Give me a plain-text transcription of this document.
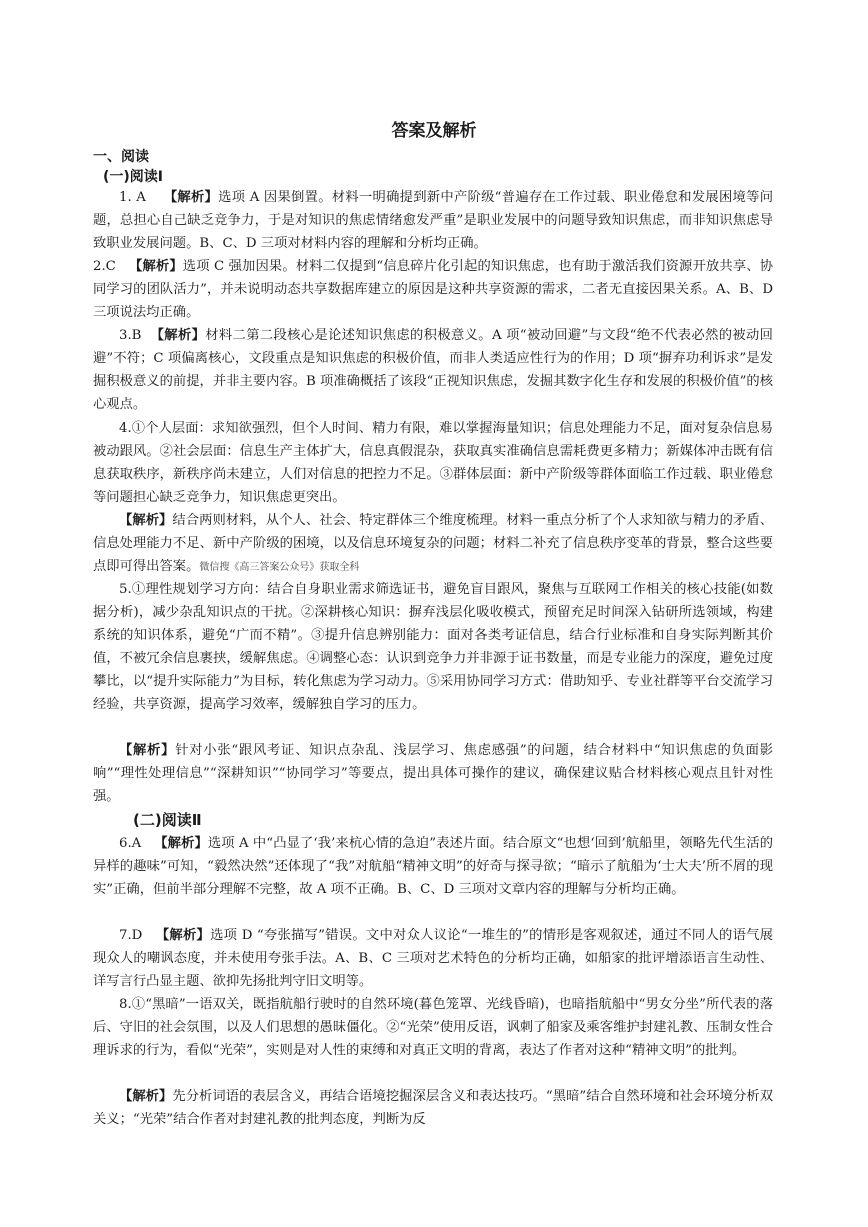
答案及解析
一、阅读
(一)阅读Ⅰ

1. A 【解析】选项 A 因果倒置。材料一明确提到新中产阶级“普遍存在工作过载、职业倦怠和发展困境等问题，总担心自己缺乏竞争力，于是对知识的焦虑情绪愈发严重”是职业发展中的问题导致知识焦虑，而非知识焦虑导致职业发展问题。B、C、D 三项对材料内容的理解和分析均正确。

2.C 【解析】选项 C 强加因果。材料二仅提到“信息碎片化引起的知识焦虑，也有助于激活我们资源开放共享、协同学习的团队活力”，并未说明动态共享数据库建立的原因是这种共享资源的需求，二者无直接因果关系。A、B、D 三项说法均正确。

3.B 【解析】材料二第二段核心是论述知识焦虑的积极意义。A 项“被动回避”与文段“绝不代表必然的被动回避”不符；C 项偏离核心，文段重点是知识焦虑的积极价值，而非人类适应性行为的作用；D 项“摒弃功利诉求”是发掘积极意义的前提，并非主要内容。B 项准确概括了该段“正视知识焦虑，发掘其数字化生存和发展的积极价值”的核心观点。

4.①个人层面：求知欲强烈，但个人时间、精力有限，难以掌握海量知识；信息处理能力不足，面对复杂信息易被动跟风。②社会层面：信息生产主体扩大，信息真假混杂，获取真实准确信息需耗费更多精力；新媒体冲击既有信息获取秩序，新秩序尚未建立，人们对信息的把控力不足。③群体层面：新中产阶级等群体面临工作过载、职业倦怠等问题担心缺乏竞争力，知识焦虑更突出。

【解析】结合两则材料，从个人、社会、特定群体三个维度梳理。材料一重点分析了个人求知欲与精力的矛盾、信息处理能力不足、新中产阶级的困境，以及信息环境复杂的问题；材料二补充了信息秩序变革的背景，整合这些要点即可得出答案。微信搜《高三答案公众号》获取全科

5.①理性规划学习方向：结合自身职业需求筛选证书，避免盲目跟风，聚焦与互联网工作相关的核心技能(如数据分析)，减少杂乱知识点的干扰。②深耕核心知识：摒弃浅层化吸收模式，预留充足时间深入钻研所选领域，构建系统的知识体系，避免“广而不精”。③提升信息辨别能力：面对各类考证信息，结合行业标准和自身实际判断其价值，不被冗余信息裹挟，缓解焦虑。④调整心态：认识到竞争力并非源于证书数量，而是专业能力的深度，避免过度攀比，以“提升实际能力”为目标，转化焦虑为学习动力。⑤采用协同学习方式：借助知乎、专业社群等平台交流学习经验，共享资源，提高学习效率，缓解独自学习的压力。

【解析】针对小张“跟风考证、知识点杂乱、浅层学习、焦虑感强”的问题，结合材料中“知识焦虑的负面影响”“理性处理信息”“深耕知识”“协同学习”等要点，提出具体可操作的建议，确保建议贴合材料核心观点且针对性强。

(二)阅读Ⅱ

6.A 【解析】选项 A 中“凸显了‘我’来杭心情的急迫”表述片面。结合原文“也想‘回到’航船里，领略先代生活的异样的趣味”可知，“毅然决然”还体现了“我”对航船“精神文明”的好奇与探寻欲；“暗示了航船为‘士大夫’所不屑的现实”正确，但前半部分理解不完整，故 A 项不正确。B、C、D 三项对文章内容的理解与分析均正确。

7.D 【解析】选项 D “夸张描写”错误。文中对众人议论“一堆生的”的情形是客观叙述，通过不同人的语气展现众人的嘲讽态度，并未使用夸张手法。A、B、C 三项对艺术特色的分析均正确，如船家的批评增添语言生动性、详写言行凸显主题、欲抑先扬批判守旧文明等。

8.①“黑暗”一语双关，既指航船行驶时的自然环境(暮色笼罩、光线昏暗)，也暗指航船中“男女分坐”所代表的落后、守旧的社会氛围，以及人们思想的愚昧僵化。②“光荣”使用反语，讽刺了船家及乘客维护封建礼教、压制女性合理诉求的行为，看似“光荣”，实则是对人性的束缚和对真正文明的背离，表达了作者对这种“精神文明”的批判。

【解析】先分析词语的表层含义，再结合语境挖掘深层含义和表达技巧。“黑暗”结合自然环境和社会环境分析双关义；“光荣”结合作者对封建礼教的批判态度，判断为反
